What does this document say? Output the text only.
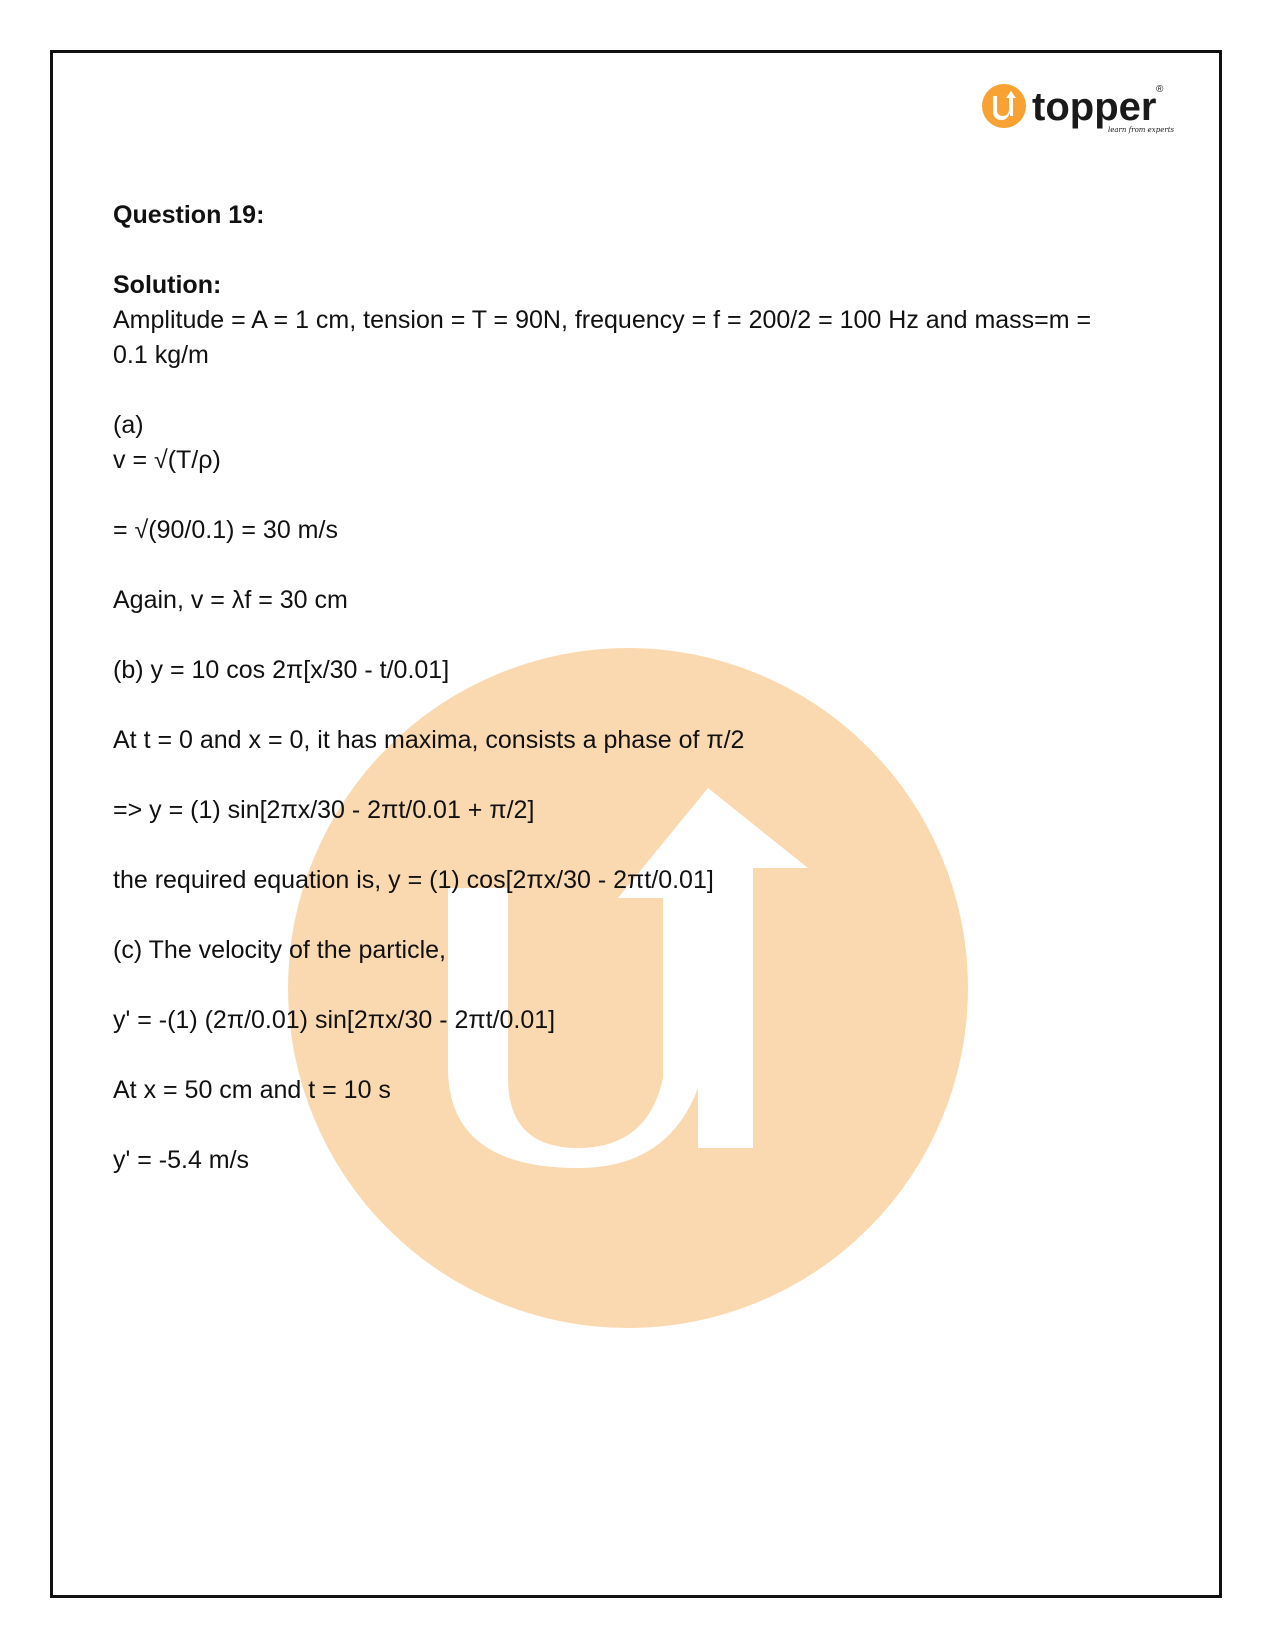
topper
learn from experts
®

Question 19:

Solution:

Amplitude = A = 1 cm, tension = T = 90N, frequency = f = 200/2 = 100 Hz and mass=m =

0.1 kg/m

(a)

v = √(T/ρ)

= √(90/0.1) = 30 m/s

Again, v = λf = 30 cm

(b) y = 10 cos 2π[x/30 - t/0.01]

At t = 0 and x = 0, it has maxima, consists a phase of π/2

=> y = (1) sin[2πx/30 - 2πt/0.01 + π/2]

the required equation is, y = (1) cos[2πx/30 - 2πt/0.01]

(c) The velocity of the particle,

y' = -(1) (2π/0.01) sin[2πx/30 - 2πt/0.01]

At x = 50 cm and t = 10 s

y' = -5.4 m/s
